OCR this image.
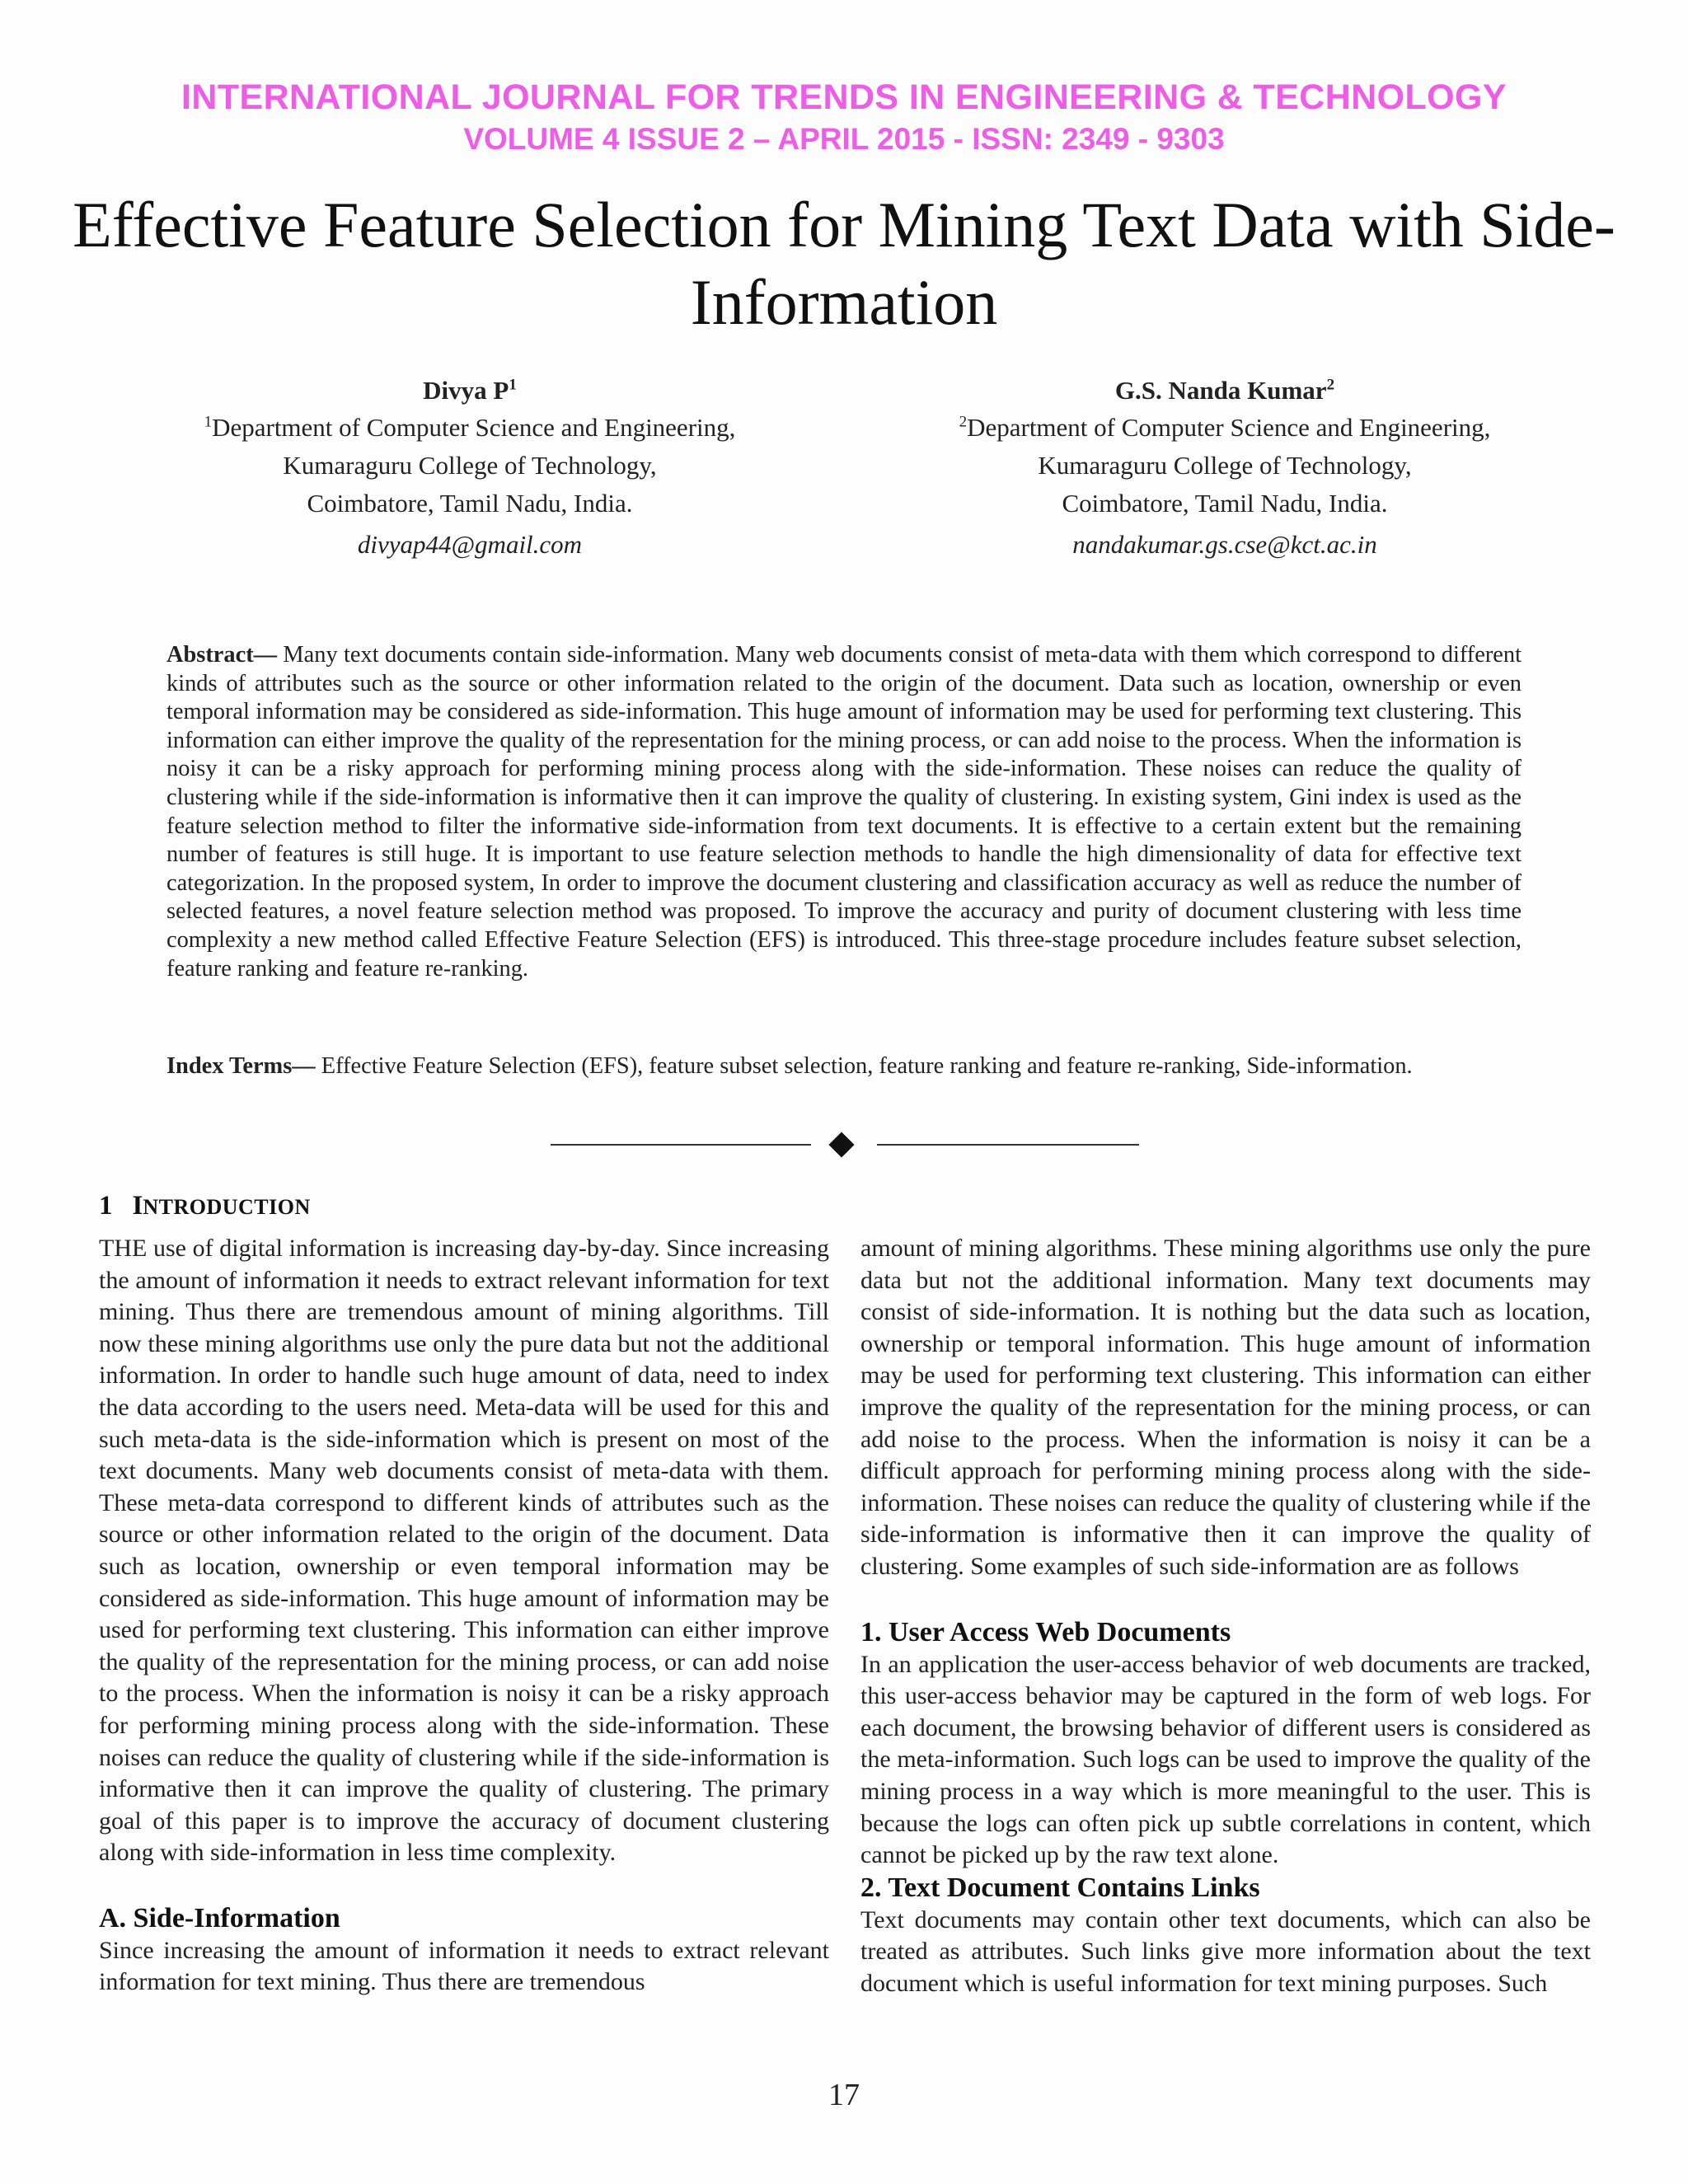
INTERNATIONAL JOURNAL FOR TRENDS IN ENGINEERING & TECHNOLOGY

VOLUME 4 ISSUE 2 – APRIL 2015 - ISSN: 2349 - 9303

Effective Feature Selection for Mining Text Data with Side-Information

Divya $P^1$

$^1$Department of Computer Science and Engineering,

Kumaraguru College of Technology,

Coimbatore, Tamil Nadu, India.

divyap44@gmail.com

G.S. Nanda Kumar$^2$

$^2$Department of Computer Science and Engineering,

Kumaraguru College of Technology,

Coimbatore, Tamil Nadu, India.

nandakumar.gs.cse@kct.ac.in

Abstract— Many text documents contain side-information. Many web documents consist of meta-data with them which correspond to different kinds of attributes such as the source or other information related to the origin of the document. Data such as location, ownership or even temporal information may be considered as side-information. This huge amount of information may be used for performing text clustering. This information can either improve the quality of the representation for the mining process, or can add noise to the process. When the information is noisy it can be a risky approach for performing mining process along with the side-information. These noises can reduce the quality of clustering while if the side-information is informative then it can improve the quality of clustering. In existing system, Gini index is used as the feature selection method to filter the informative side-information from text documents. It is effective to a certain extent but the remaining number of features is still huge. It is important to use feature selection methods to handle the high dimensionality of data for effective text categorization. In the proposed system, In order to improve the document clustering and classification accuracy as well as reduce the number of selected features, a novel feature selection method was proposed. To improve the accuracy and purity of document clustering with less time complexity a new method called Effective Feature Selection (EFS) is introduced. This three-stage procedure includes feature subset selection, feature ranking and feature re-ranking.

Index Terms— Effective Feature Selection (EFS), feature subset selection, feature ranking and feature re-ranking, Side-information.

1 INTRODUCTION

THE use of digital information is increasing day-by-day. Since increasing the amount of information it needs to extract relevant information for text mining. Thus there are tremendous amount of mining algorithms. Till now these mining algorithms use only the pure data but not the additional information. In order to handle such huge amount of data, need to index the data according to the users need. Meta-data will be used for this and such meta-data is the side-information which is present on most of the text documents. Many web documents consist of meta-data with them. These meta-data correspond to different kinds of attributes such as the source or other information related to the origin of the document. Data such as location, ownership or even temporal information may be considered as side-information. This huge amount of information may be used for performing text clustering. This information can either improve the quality of the representation for the mining process, or can add noise to the process. When the information is noisy it can be a risky approach for performing mining process along with the side-information. These noises can reduce the quality of clustering while if the side-information is informative then it can improve the quality of clustering. The primary goal of this paper is to improve the accuracy of document clustering along with side-information in less time complexity.

A. Side-Information

Since increasing the amount of information it needs to extract relevant information for text mining. Thus there are tremendous

amount of mining algorithms. These mining algorithms use only the pure data but not the additional information. Many text documents may consist of side-information. It is nothing but the data such as location, ownership or temporal information. This huge amount of information may be used for performing text clustering. This information can either improve the quality of the representation for the mining process, or can add noise to the process. When the information is noisy it can be a difficult approach for performing mining process along with the side-information. These noises can reduce the quality of clustering while if the side-information is informative then it can improve the quality of clustering. Some examples of such side-information are as follows

1. User Access Web Documents

In an application the user-access behavior of web documents are tracked, this user-access behavior may be captured in the form of web logs. For each document, the browsing behavior of different users is considered as the meta-information. Such logs can be used to improve the quality of the mining process in a way which is more meaningful to the user. This is because the logs can often pick up subtle correlations in content, which cannot be picked up by the raw text alone.

2. Text Document Contains Links

Text documents may contain other text documents, which can also be treated as attributes. Such links give more information about the text document which is useful information for text mining purposes. Such

17
